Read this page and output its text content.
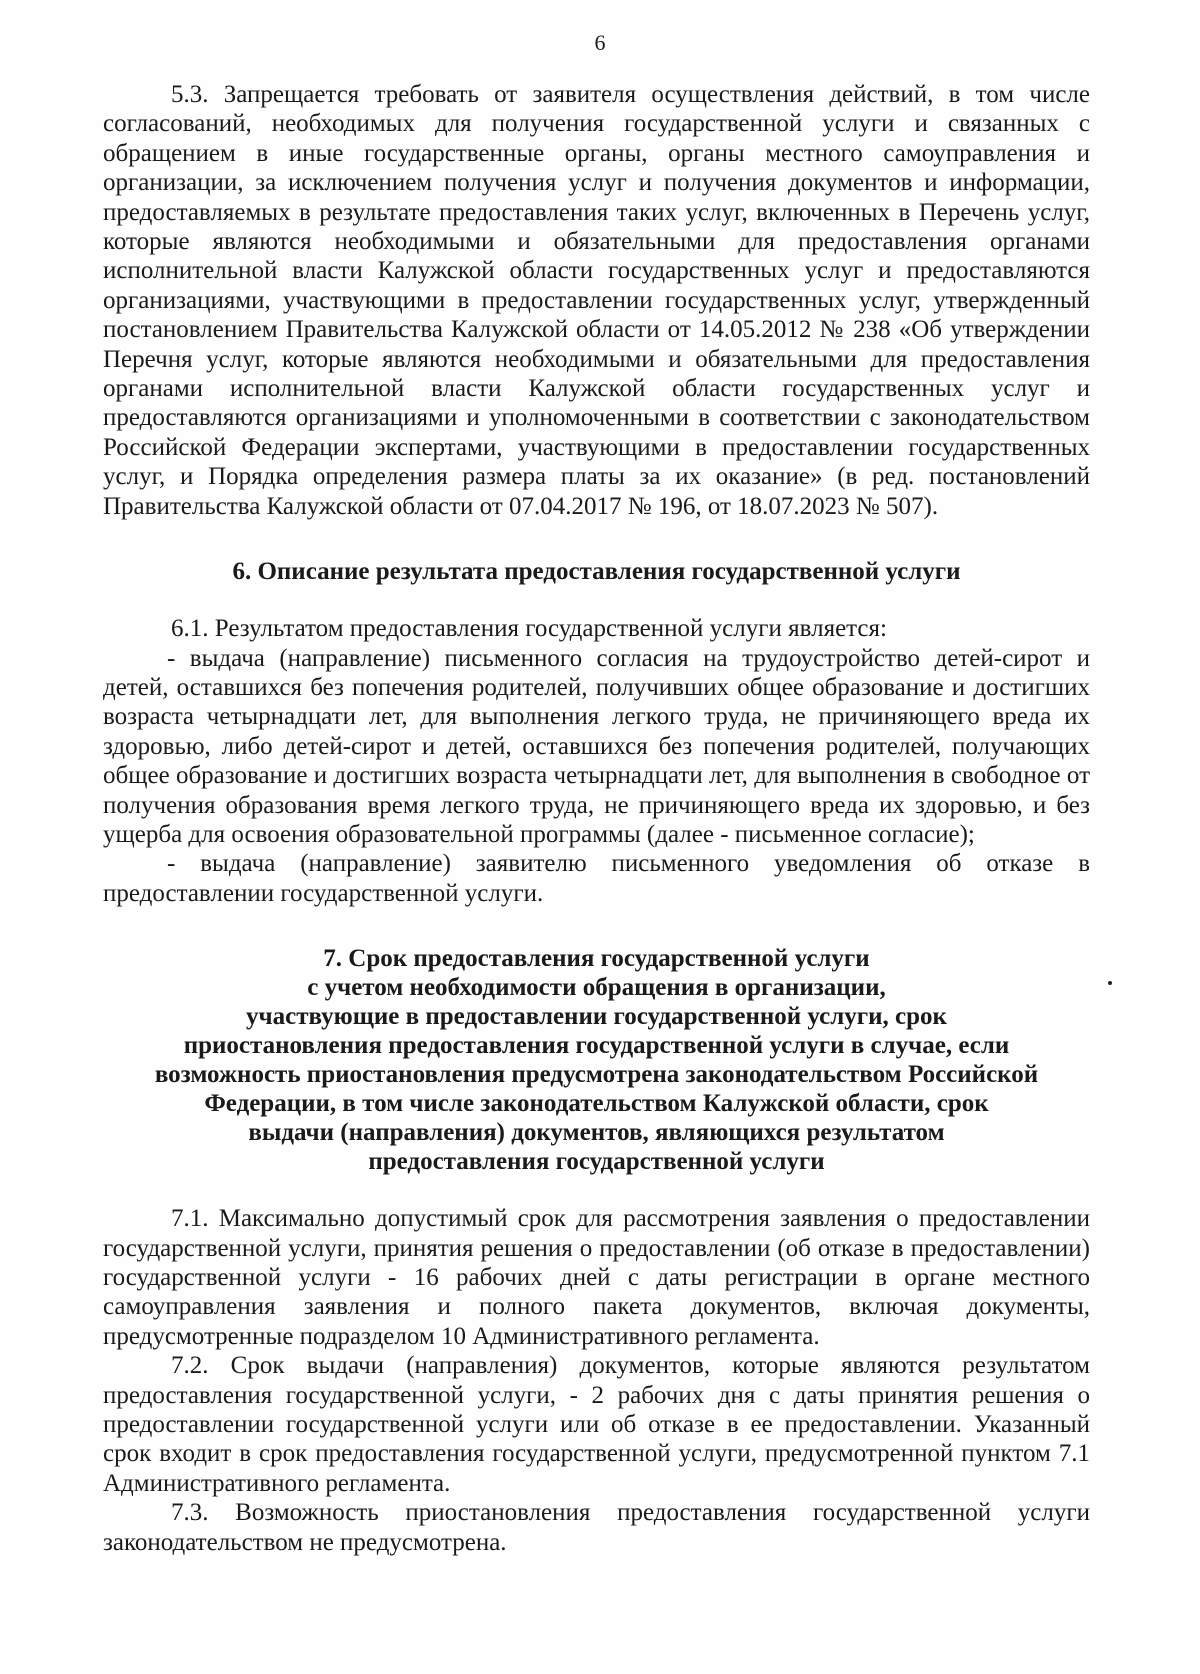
6

5.3. Запрещается требовать от заявителя осуществления действий, в том числе согласований, необходимых для получения государственной услуги и связанных с обращением в иные государственные органы, органы местного самоуправления и организации, за исключением получения услуг и получения документов и информации, предоставляемых в результате предоставления таких услуг, включенных в Перечень услуг, которые являются необходимыми и обязательными для предоставления органами исполнительной власти Калужской области государственных услуг и предоставляются организациями, участвующими в предоставлении государственных услуг, утвержденный постановлением Правительства Калужской области от 14.05.2012 № 238 «Об утверждении Перечня услуг, которые являются необходимыми и обязательными для предоставления органами исполнительной власти Калужской области государственных услуг и предоставляются организациями и уполномоченными в соответствии с законодательством Российской Федерации экспертами, участвующими в предоставлении государственных услуг, и Порядка определения размера платы за их оказание» (в ред. постановлений Правительства Калужской области от 07.04.2017 № 196, от 18.07.2023 № 507).

6. Описание результата предоставления государственной услуги

6.1. Результатом предоставления государственной услуги является:

- выдача (направление) письменного согласия на трудоустройство детей-сирот и детей, оставшихся без попечения родителей, получивших общее образование и достигших возраста четырнадцати лет, для выполнения легкого труда, не причиняющего вреда их здоровью, либо детей-сирот и детей, оставшихся без попечения родителей, получающих общее образование и достигших возраста четырнадцати лет, для выполнения в свободное от получения образования время легкого труда, не причиняющего вреда их здоровью, и без ущерба для освоения образовательной программы (далее - письменное согласие);

- выдача (направление) заявителю письменного уведомления об отказе в предоставлении государственной услуги.

7. Срок предоставления государственной услуги

с учетом необходимости обращения в организации,

участвующие в предоставлении государственной услуги, срок

приостановления предоставления государственной услуги в случае, если

возможность приостановления предусмотрена законодательством Российской

Федерации, в том числе законодательством Калужской области, срок

выдачи (направления) документов, являющихся результатом

предоставления государственной услуги

7.1. Максимально допустимый срок для рассмотрения заявления о предоставлении государственной услуги, принятия решения о предоставлении (об отказе в предоставлении) государственной услуги - 16 рабочих дней с даты регистрации в органе местного самоуправления заявления и полного пакета документов, включая документы, предусмотренные подразделом 10 Административного регламента.

7.2. Срок выдачи (направления) документов, которые являются результатом предоставления государственной услуги, - 2 рабочих дня с даты принятия решения о предоставлении государственной услуги или об отказе в ее предоставлении. Указанный срок входит в срок предоставления государственной услуги, предусмотренной пунктом 7.1 Административного регламента.

7.3. Возможность приостановления предоставления государственной услуги законодательством не предусмотрена.
